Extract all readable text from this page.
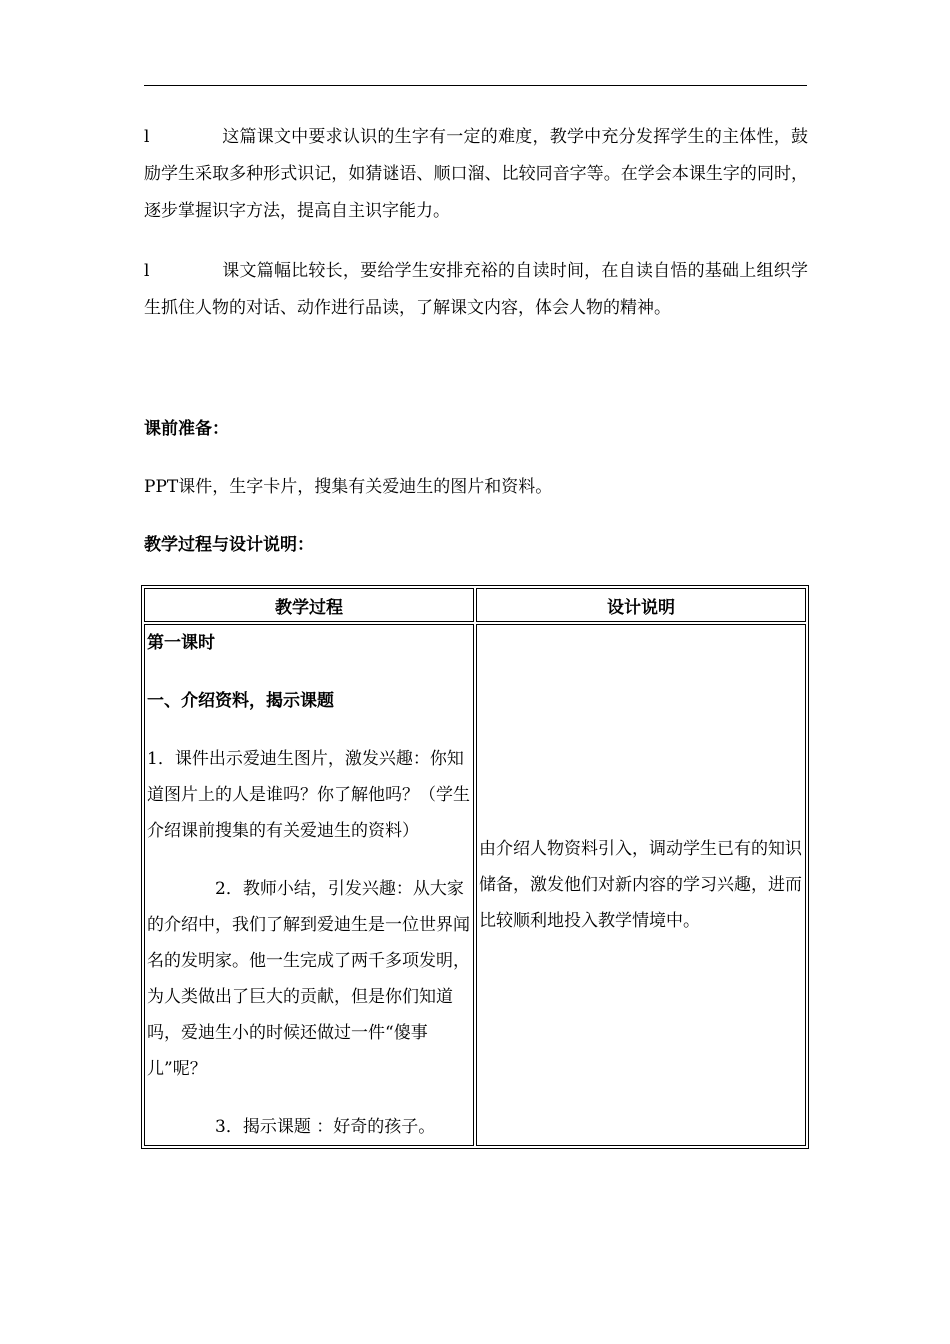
l	这篇课文中要求认识的生字有一定的难度，教学中充分发挥学生的主体性，鼓励学生采取多种形式识记，如猜谜语、顺口溜、比较同音字等。在学会本课生字的同时，逐步掌握识字方法，提高自主识字能力。
l	课文篇幅比较长，要给学生安排充裕的自读时间，在自读自悟的基础上组织学生抓住人物的对话、动作进行品读，了解课文内容，体会人物的精神。
课前准备：
PPT课件，生字卡片，搜集有关爱迪生的图片和资料。
教学过程与设计说明：
教学过程	设计说明

第一课时
一、介绍资料，揭示课题
1．课件出示爱迪生图片，激发兴趣：你知道图片上的人是谁吗？你了解他吗？（学生介绍课前搜集的有关爱迪生的资料）
2．教师小结，引发兴趣：从大家的介绍中，我们了解到爱迪生是一位世界闻名的发明家。他一生完成了两千多项发明，为人类做出了巨大的贡献，但是你们知道吗，爱迪生小的时候还做过一件“傻事儿”呢？
3．揭示课题 ：好奇的孩子。	由介绍人物资料引入，调动学生已有的知识储备，激发他们对新内容的学习兴趣，进而比较顺利地投入教学情境中。
